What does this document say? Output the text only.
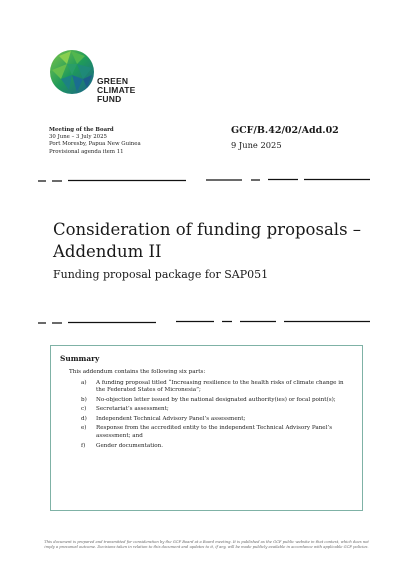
GREEN
CLIMATE
FUND
Meeting of the Board
30 June – 3 July 2025
Port Moresby, Papua New Guinea
Provisional agenda item 11
GCF/B.42/02/Add.02
9 June 2025
Consideration of funding proposals –
Addendum II
Funding proposal package for SAP051
Summary
This addendum contains the following six parts:
a) A funding proposal titled “Increasing resilience to the health risks of climate change in the Federated States of Micronesia”;
b) No-objection letter issued by the national designated authority(ies) or focal point(s);
c) Secretariat’s assessment;
d) Independent Technical Advisory Panel’s assessment;
e) Response from the accredited entity to the independent Technical Advisory Panel’s assessment; and
f) Gender documentation.
This document is prepared and transmitted for consideration by the GCF Board at a Board meeting. It is published as the GCF public website in that context, which does not imply a presumed outcome. Decisions taken in relation to this document and updates to it, if any, will be made publicly available in accordance with applicable GCF policies.
